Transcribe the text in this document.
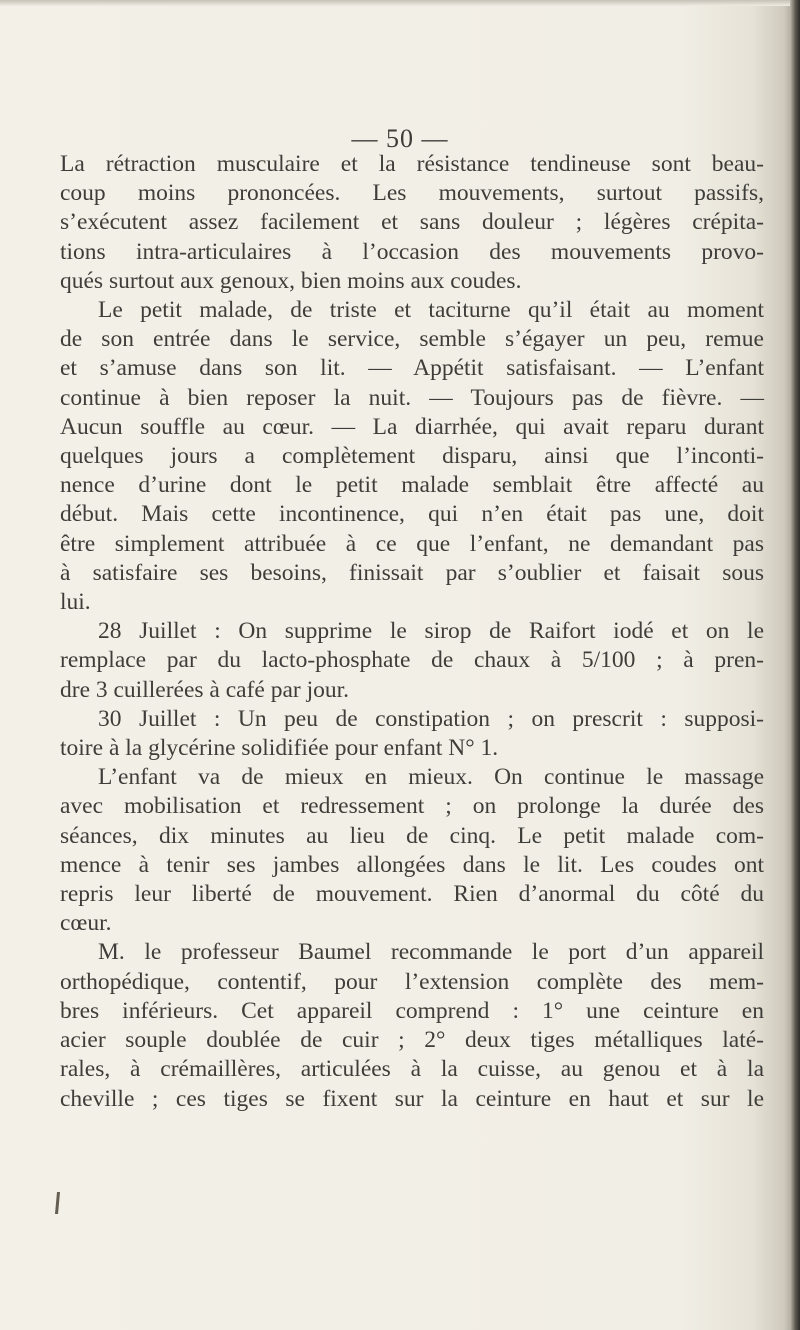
— 50 —
La rétraction musculaire et la résistance tendineuse sont beau-
coup moins prononcées. Les mouvements, surtout passifs,
s’exécutent assez facilement et sans douleur ; légères crépita-
tions intra-articulaires à l’occasion des mouvements provo-
qués surtout aux genoux, bien moins aux coudes.
Le petit malade, de triste et taciturne qu’il était au moment
de son entrée dans le service, semble s’égayer un peu, remue
et s’amuse dans son lit. — Appétit satisfaisant. — L’enfant
continue à bien reposer la nuit. — Toujours pas de fièvre. —
Aucun souffle au cœur. — La diarrhée, qui avait reparu durant
quelques jours a complètement disparu, ainsi que l’inconti-
nence d’urine dont le petit malade semblait être affecté au
début. Mais cette incontinence, qui n’en était pas une, doit
être simplement attribuée à ce que l’enfant, ne demandant pas
à satisfaire ses besoins, finissait par s’oublier et faisait sous
lui.
28 Juillet : On supprime le sirop de Raifort iodé et on le
remplace par du lacto-phosphate de chaux à 5/100 ; à pren-
dre 3 cuillerées à café par jour.
30 Juillet : Un peu de constipation ; on prescrit : supposi-
toire à la glycérine solidifiée pour enfant N° 1.
L’enfant va de mieux en mieux. On continue le massage
avec mobilisation et redressement ; on prolonge la durée des
séances, dix minutes au lieu de cinq. Le petit malade com-
mence à tenir ses jambes allongées dans le lit. Les coudes ont
repris leur liberté de mouvement. Rien d’anormal du côté du
cœur.
M. le professeur Baumel recommande le port d’un appareil
orthopédique, contentif, pour l’extension complète des mem-
bres inférieurs. Cet appareil comprend : 1° une ceinture en
acier souple doublée de cuir ; 2° deux tiges métalliques laté-
rales, à crémaillères, articulées à la cuisse, au genou et à la
cheville ; ces tiges se fixent sur la ceinture en haut et sur le
